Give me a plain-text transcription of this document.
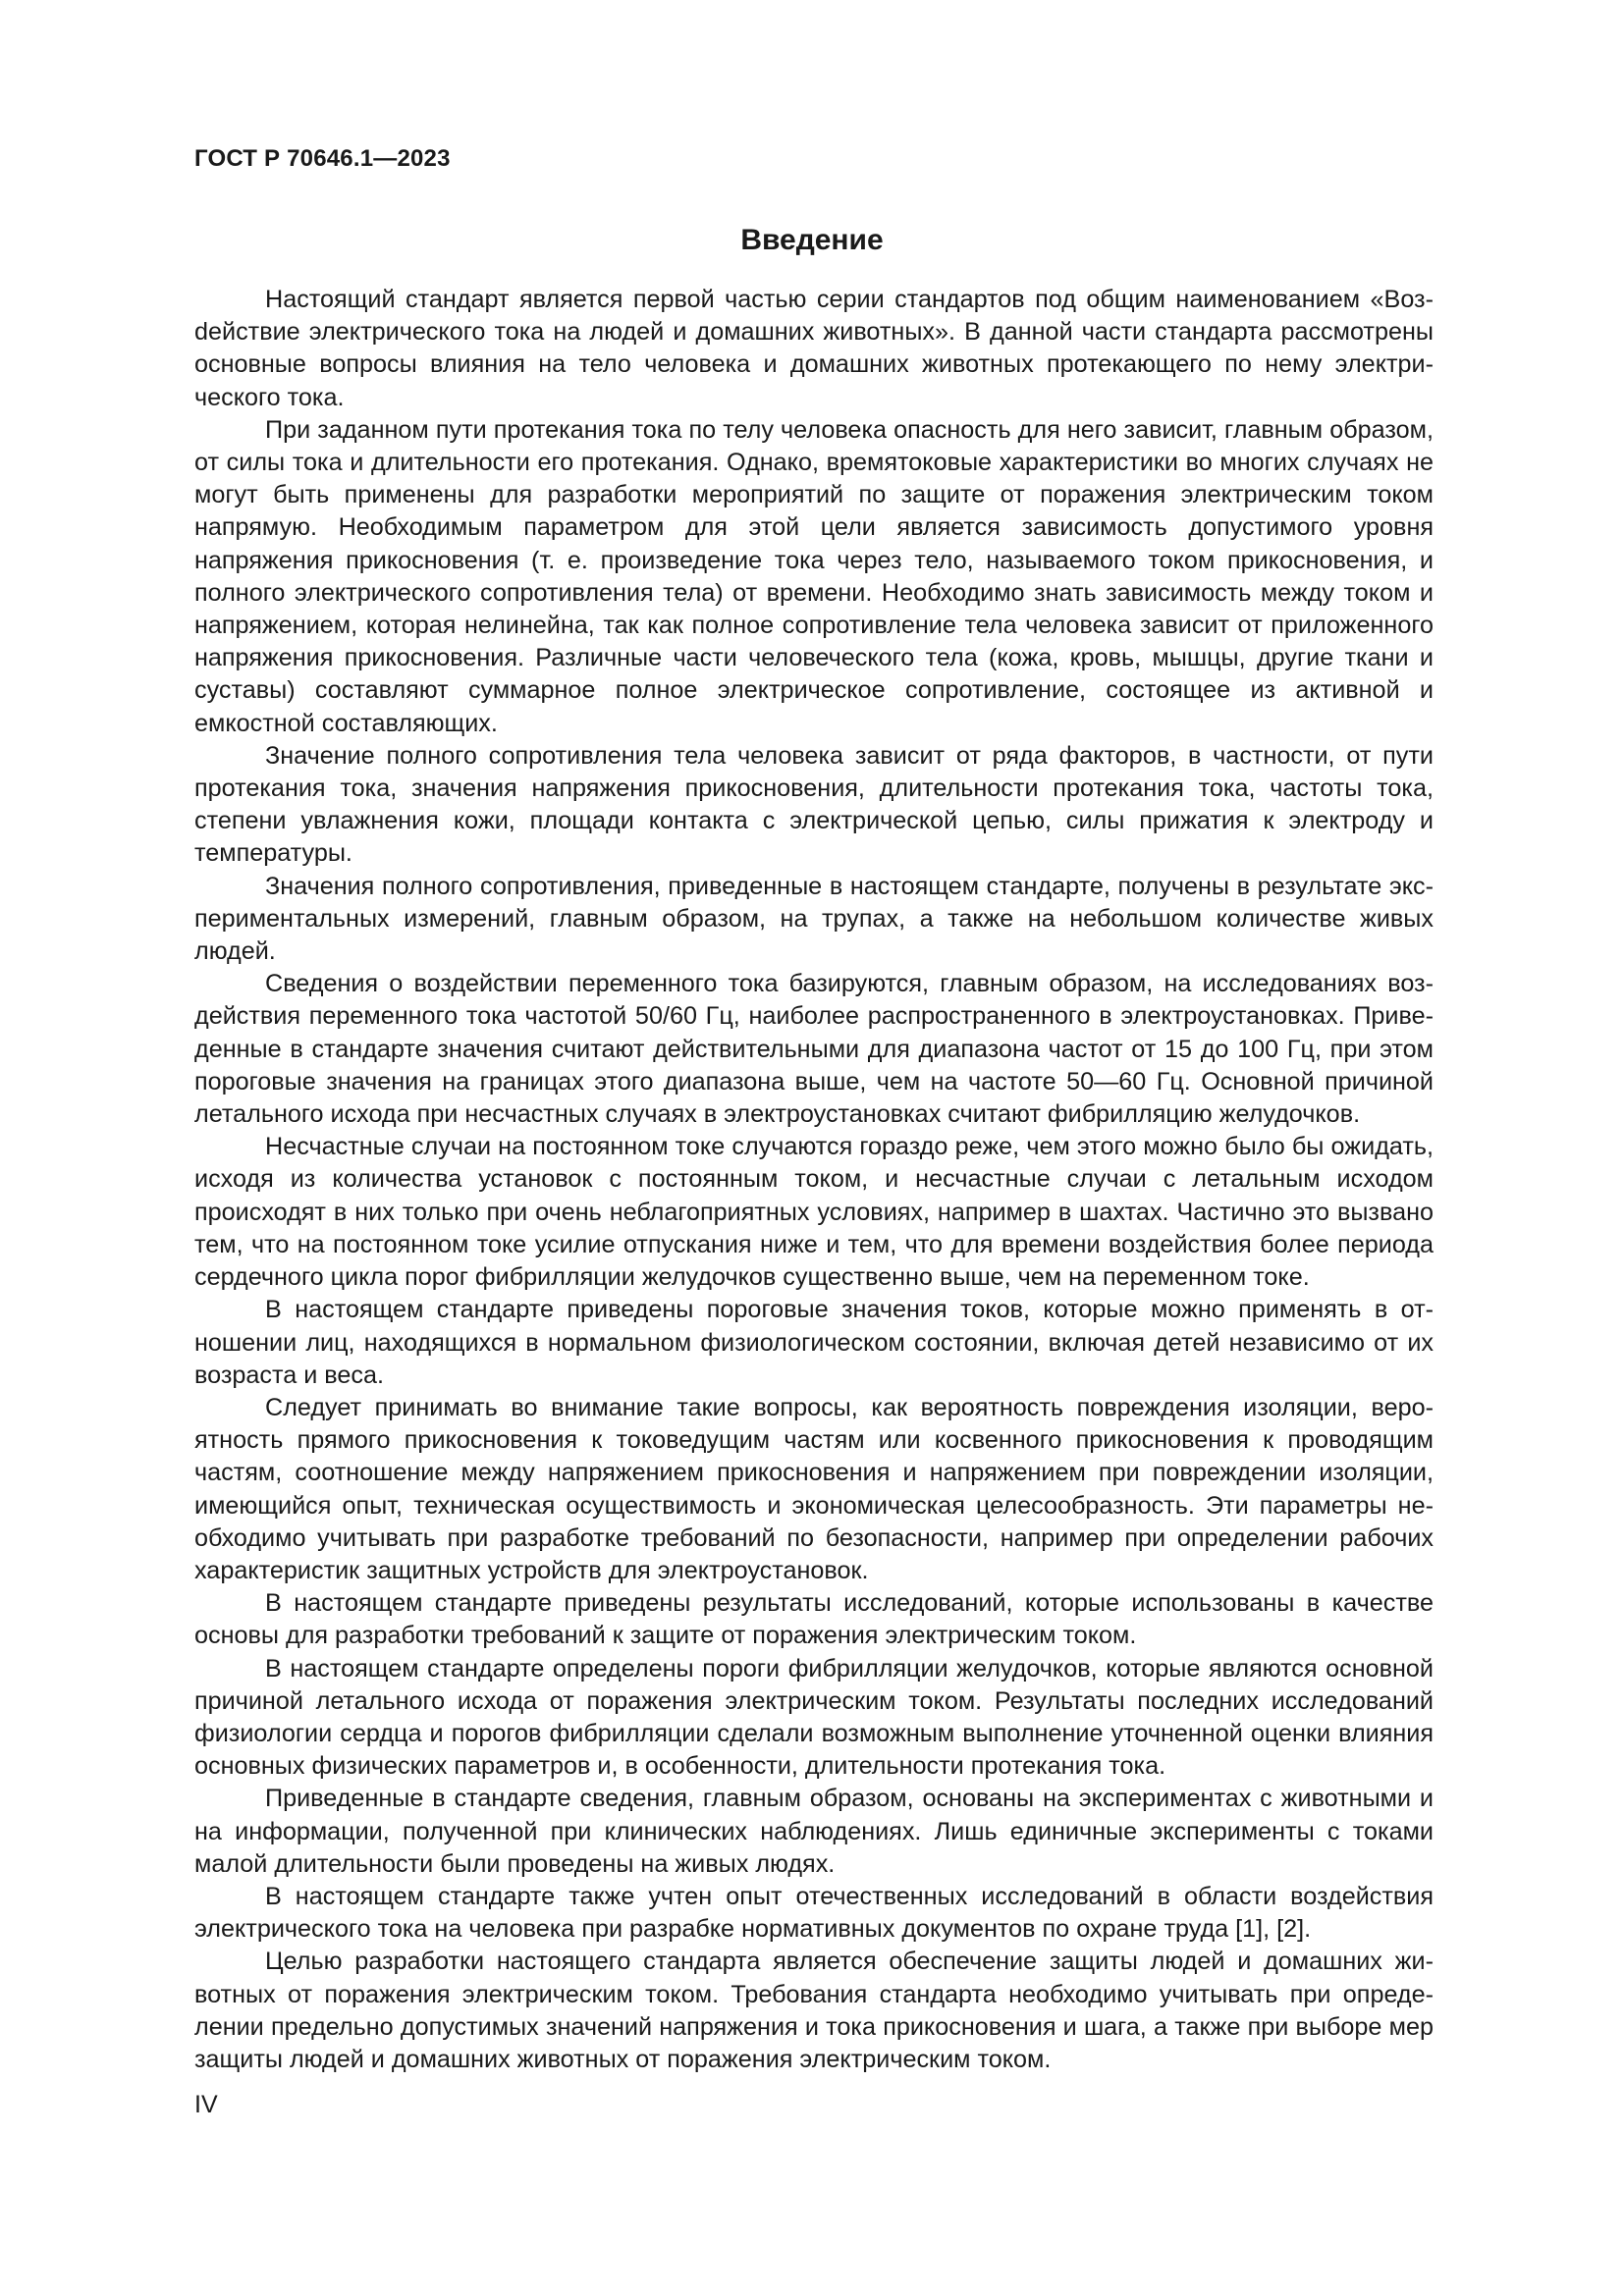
ГОСТ Р 70646.1—2023
Введение

Настоящий стандарт является первой частью серии стандартов под общим наименованием «Возdействие электрического тока на людей и домашних животных». В данной части стандарта рассмотрены основные вопросы влияния на тело человека и домашних животных протекающего по нему электрического тока.

При заданном пути протекания тока по телу человека опасность для него зависит, главным образом, от силы тока и длительности его протекания. Однако, времятоковые характеристики во многих случаях не могут быть применены для разработки мероприятий по защите от поражения электрическим током напрямую. Необходимым параметром для этой цели является зависимость допустимого уровня напряжения прикосновения (т. е. произведение тока через тело, называемого током прикосновения, и полного электрического сопротивления тела) от времени. Необходимо знать зависимость между током и напряжением, которая нелинейна, так как полное сопротивление тела человека зависит от приложенного напряжения прикосновения. Различные части человеческого тела (кожа, кровь, мышцы, другие ткани и суставы) составляют суммарное полное электрическое сопротивление, состоящее из активной и емкостной составляющих.

Значение полного сопротивления тела человека зависит от ряда факторов, в частности, от пути протекания тока, значения напряжения прикосновения, длительности протекания тока, частоты тока, степени увлажнения кожи, площади контакта с электрической цепью, силы прижатия к электроду и температуры.

Значения полного сопротивления, приведенные в настоящем стандарте, получены в результате экспериментальных измерений, главным образом, на трупах, а также на небольшом количестве живых людей.

Сведения о воздействии переменного тока базируются, главным образом, на исследованиях воздействия переменного тока частотой 50/60 Гц, наиболее распространенного в электроустановках. Приведенные в стандарте значения считают действительными для диапазона частот от 15 до 100 Гц, при этом пороговые значения на границах этого диапазона выше, чем на частоте 50—60 Гц. Основной причиной летального исхода при несчастных случаях в электроустановках считают фибрилляцию желудочков.

Несчастные случаи на постоянном токе случаются гораздо реже, чем этого можно было бы ожидать, исходя из количества установок с постоянным током, и несчастные случаи с летальным исходом происходят в них только при очень неблагоприятных условиях, например в шахтах. Частично это вызвано тем, что на постоянном токе усилие отпускания ниже и тем, что для времени воздействия более периода сердечного цикла порог фибрилляции желудочков существенно выше, чем на переменном токе.

В настоящем стандарте приведены пороговые значения токов, которые можно применять в отношении лиц, находящихся в нормальном физиологическом состоянии, включая детей независимо от их возраста и веса.

Следует принимать во внимание такие вопросы, как вероятность повреждения изоляции, вероятность прямого прикосновения к токоведущим частям или косвенного прикосновения к проводящим частям, соотношение между напряжением прикосновения и напряжением при повреждении изоляции, имеющийся опыт, техническая осуществимость и экономическая целесообразность. Эти параметры необходимо учитывать при разработке требований по безопасности, например при определении рабочих характеристик защитных устройств для электроустановок.

В настоящем стандарте приведены результаты исследований, которые использованы в качестве основы для разработки требований к защите от поражения электрическим током.

В настоящем стандарте определены пороги фибрилляции желудочков, которые являются основной причиной летального исхода от поражения электрическим током. Результаты последних исследований физиологии сердца и порогов фибрилляции сделали возможным выполнение уточненной оценки влияния основных физических параметров и, в особенности, длительности протекания тока.

Приведенные в стандарте сведения, главным образом, основаны на экспериментах с животными и на информации, полученной при клинических наблюдениях. Лишь единичные эксперименты с токами малой длительности были проведены на живых людях.

В настоящем стандарте также учтен опыт отечественных исследований в области воздействия электрического тока на человека при разрабке нормативных документов по охране труда [1], [2].

Целью разработки настоящего стандарта является обеспечение защиты людей и домашних животных от поражения электрическим током. Требования стандарта необходимо учитывать при определении предельно допустимых значений напряжения и тока прикосновения и шага, а также при выборе мер защиты людей и домашних животных от поражения электрическим током.

IV
